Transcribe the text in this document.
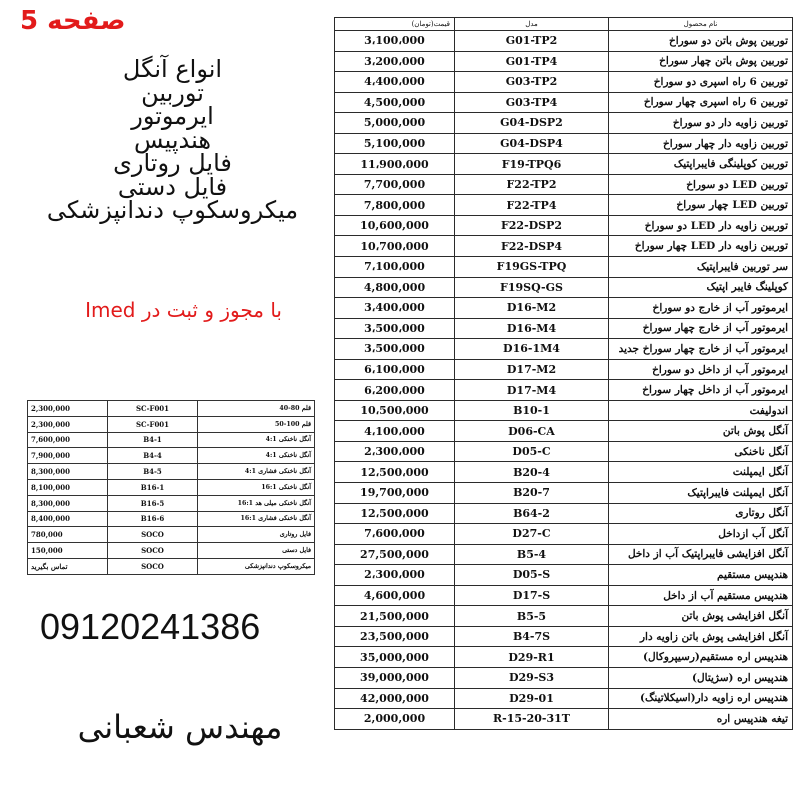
صفحه 5
انواع آنگل
توربین
ایرموتور
هندپیس
فایل روتاری
فایل دستی
میکروسکوپ دندانپزشکی
با مجوز و ثبت در Imed
2,300,000	SC-F001	قلم 80-40
2,300,000	SC-F001	قلم 100-50
7,600,000	B4-1	آنگل ناخنکی 4:1
7,900,000	B4-4	آنگل ناخنکی 4:1
8,300,000	B4-5	آنگل ناخنکی فشاری 4:1
8,100,000	B16-1	آنگل ناخنکی 16:1
8,300,000	B16-5	آنگل ناخنکی میلی هد 16:1
8,400,000	B16-6	آنگل ناخنکی فشاری 16:1
780,000	SOCO	فایل روتاری
150,000	SOCO	فایل دستی
تماس بگیرید	SOCO	میکروسکوپ دندانپزشکی
09120241386
مهندس شعبانی
قیمت(تومان)	مدل	نام محصول
3،100،000	G01-TP2	توربین پوش باتن دو سوراخ
3،200،000	G01-TP4	توربین پوش باتن چهار سوراخ
4،400،000	G03-TP2	توربین 6 راه اسپری دو سوراخ
4,500,000	G03-TP4	توربین 6 راه اسپری چهار سوراخ
5,000,000	G04-DSP2	توربین زاویه دار دو سوراخ
5,100,000	G04-DSP4	توربین زاویه دار چهار سوراخ
11،900،000	F19-TPQ6	توربین کوپلینگی فایبراپتیک
7,700,000	F22-TP2	توربین LED دو سوراخ
7,800,000	F22-TP4	توربین LED چهار سوراخ
10,600,000	F22-DSP2	توربین زاویه دار LED دو سوراخ
10،700،000	F22-DSP4	توربین زاویه دار LED چهار سوراخ
7،100،000	F19GS-TPQ	سر توربین فایبراپتیک
4,800,000	F19SQ-GS	کوپلینگ فایبر اپتیک
3،400،000	D16-M2	ایرموتور آب از خارج دو سوراخ
3،500،000	D16-M4	ایرموتور آب از خارج چهار سوراخ
3،500،000	D16-1M4	ایرموتور آب از خارج چهار سوراخ جدید
6،100،000	D17-M2	ایرموتور آب از داخل دو سوراخ
6،200،000	D17-M4	ایرموتور آب از داخل چهار سوراخ
10،500،000	B10-1	اندولیفت
4،100،000	D06-CA	آنگل پوش باتن
2،300،000	D05-C	آنگل ناخنکی
12،500،000	B20-4	آنگل ایمپلنت
19,700,000	B20-7	آنگل ایمپلنت فایبراپتیک
12،500،000	B64-2	آنگل روتاری
7،600،000	D27-C	آنگل آب ازداخل
27,500,000	B5-4	آنگل افزایشی فایبراپتیک آب از داخل
2،300،000	D05-S	هندپیس مستقیم
4,600,000	D17-S	هندپیس مستقیم آب از داخل
21,500,000	B5-5	آنگل افزایشی پوش باتن
23,500,000	B4-7S	آنگل افزایشی پوش باتن زاویه دار
35,000,000	D29-R1	هندپیس اره مستقیم(رسیپروکال)
39,000,000	D29-S3	هندپیس اره (سژیتال)
42,000,000	D29-01	هندپیس اره زاویه دار(اسیکلاتینگ)
2,000,000	R-15-20-31T	تیغه هندپیس اره
